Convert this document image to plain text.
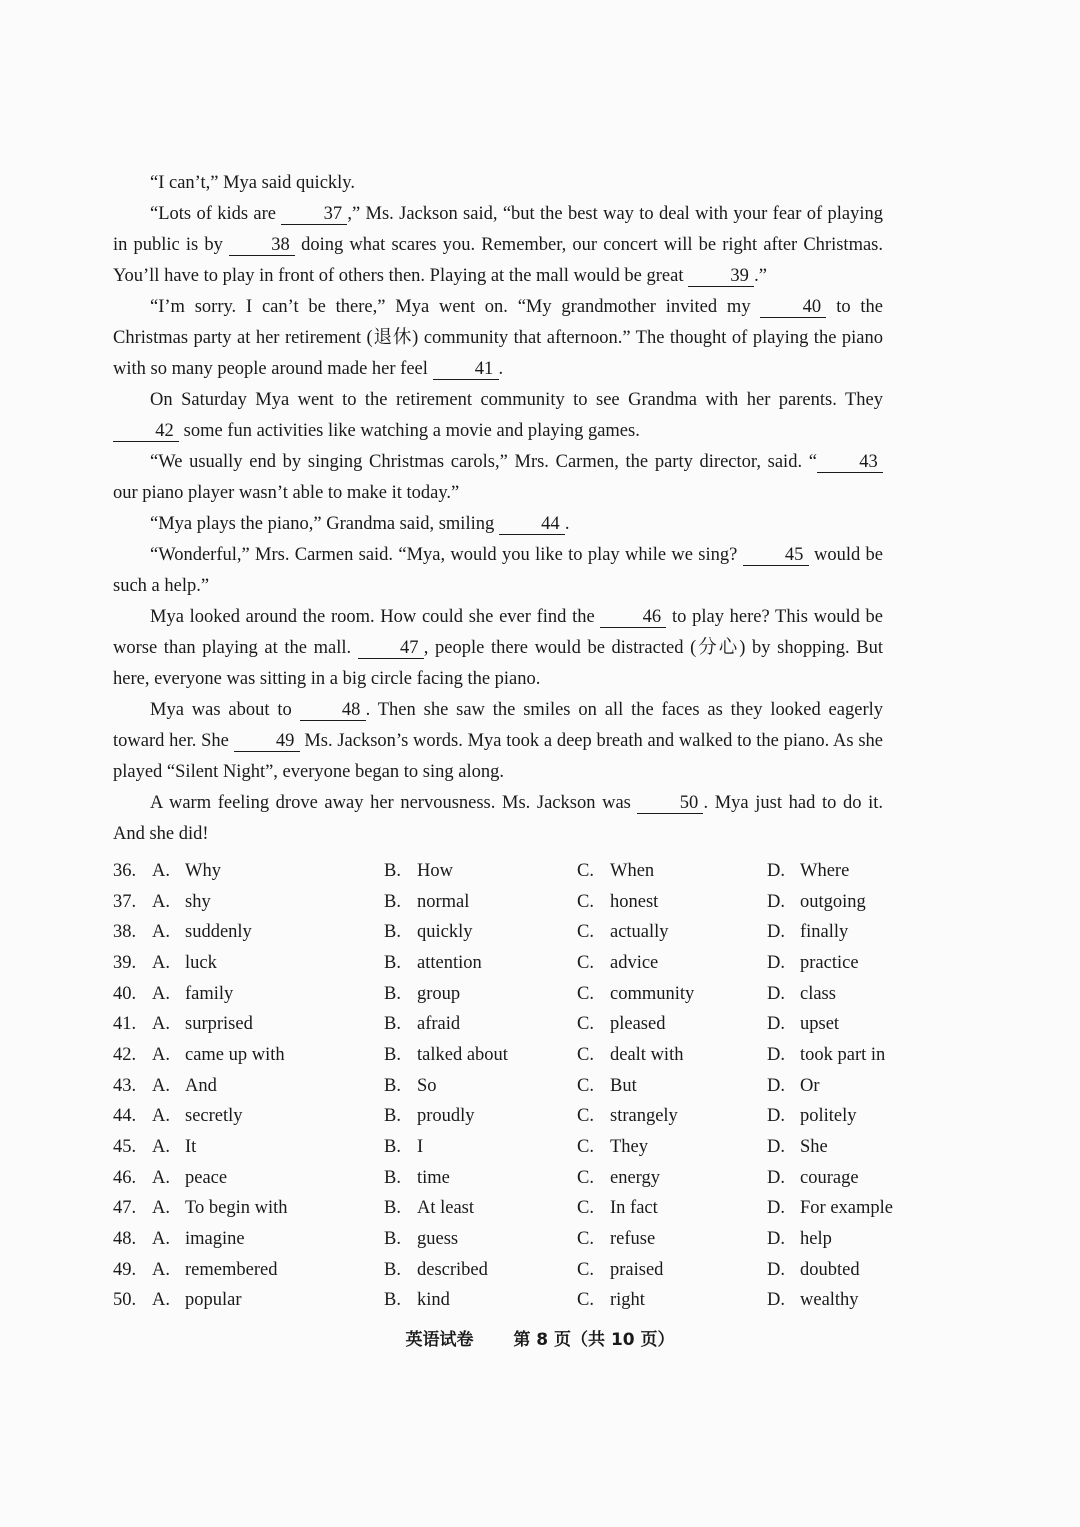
“I can’t,” Mya said quickly.

“Lots of kids are 37 ,” Ms. Jackson said, “but the best way to deal with your fear of playing in public is by 38 doing what scares you. Remember, our concert will be right after Christmas. You’ll have to play in front of others then. Playing at the mall would be great 39 .”

“I’m sorry. I can’t be there,” Mya went on. “My grandmother invited my 40 to the Christmas party at her retirement (退休) community that afternoon.” The thought of playing the piano with so many people around made her feel 41 .

On Saturday Mya went to the retirement community to see Grandma with her parents. They 42 some fun activities like watching a movie and playing games.

“We usually end by singing Christmas carols,” Mrs. Carmen, the party director, said. “ 43 our piano player wasn’t able to make it today.”

“Mya plays the piano,” Grandma said, smiling 44 .

“Wonderful,” Mrs. Carmen said. “Mya, would you like to play while we sing? 45 would be such a help.”

Mya looked around the room. How could she ever find the 46 to play here? This would be worse than playing at the mall. 47 , people there would be distracted (分心) by shopping. But here, everyone was sitting in a big circle facing the piano.

Mya was about to 48 . Then she saw the smiles on all the faces as they looked eagerly toward her. She 49 Ms. Jackson’s words. Mya took a deep breath and walked to the piano. As she played “Silent Night”, everyone began to sing along.

A warm feeling drove away her nervousness. Ms. Jackson was 50 . Mya just had to do it. And she did!

36. A. Why	B. How	C. When	D. Where
37. A. shy	B. normal	C. honest	D. outgoing
38. A. suddenly	B. quickly	C. actually	D. finally
39. A. luck	B. attention	C. advice	D. practice
40. A. family	B. group	C. community	D. class
41. A. surprised	B. afraid	C. pleased	D. upset
42. A. came up with	B. talked about	C. dealt with	D. took part in
43. A. And	B. So	C. But	D. Or
44. A. secretly	B. proudly	C. strangely	D. politely
45. A. It	B. I	C. They	D. She
46. A. peace	B. time	C. energy	D. courage
47. A. To begin with	B. At least	C. In fact	D. For example
48. A. imagine	B. guess	C. refuse	D. help
49. A. remembered	B. described	C. praised	D. doubted
50. A. popular	B. kind	C. right	D. wealthy
英语试卷 第 8 页（共 10 页）
